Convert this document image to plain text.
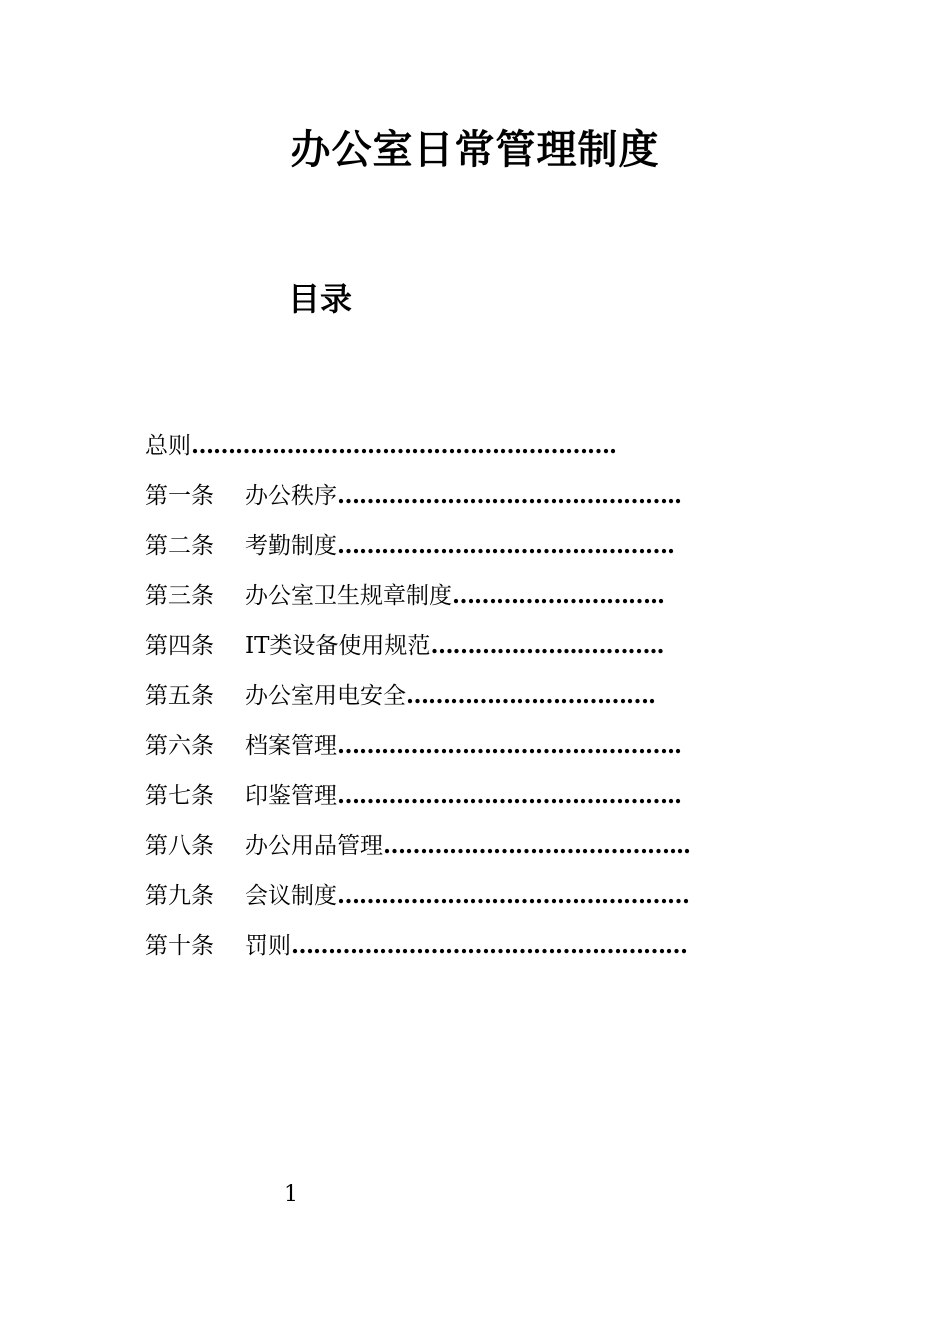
办公室日常管理制度
目录
总则………………………………………………….
第一条 办公秩序………………………………………..
第二条 考勤制度……………………………………….
第三条 办公室卫生规章制度………………………..
第四条 IT类设备使用规范………………...………..
第五条 办公室用电安全…………………………….
第六条 档案管理………………………………………..
第七条 印鉴管理………………………………………..
第八条 办公用品管理…………………………………...
第九条 会议制度…………………………………………
第十条 罚则………………………………………………
1
